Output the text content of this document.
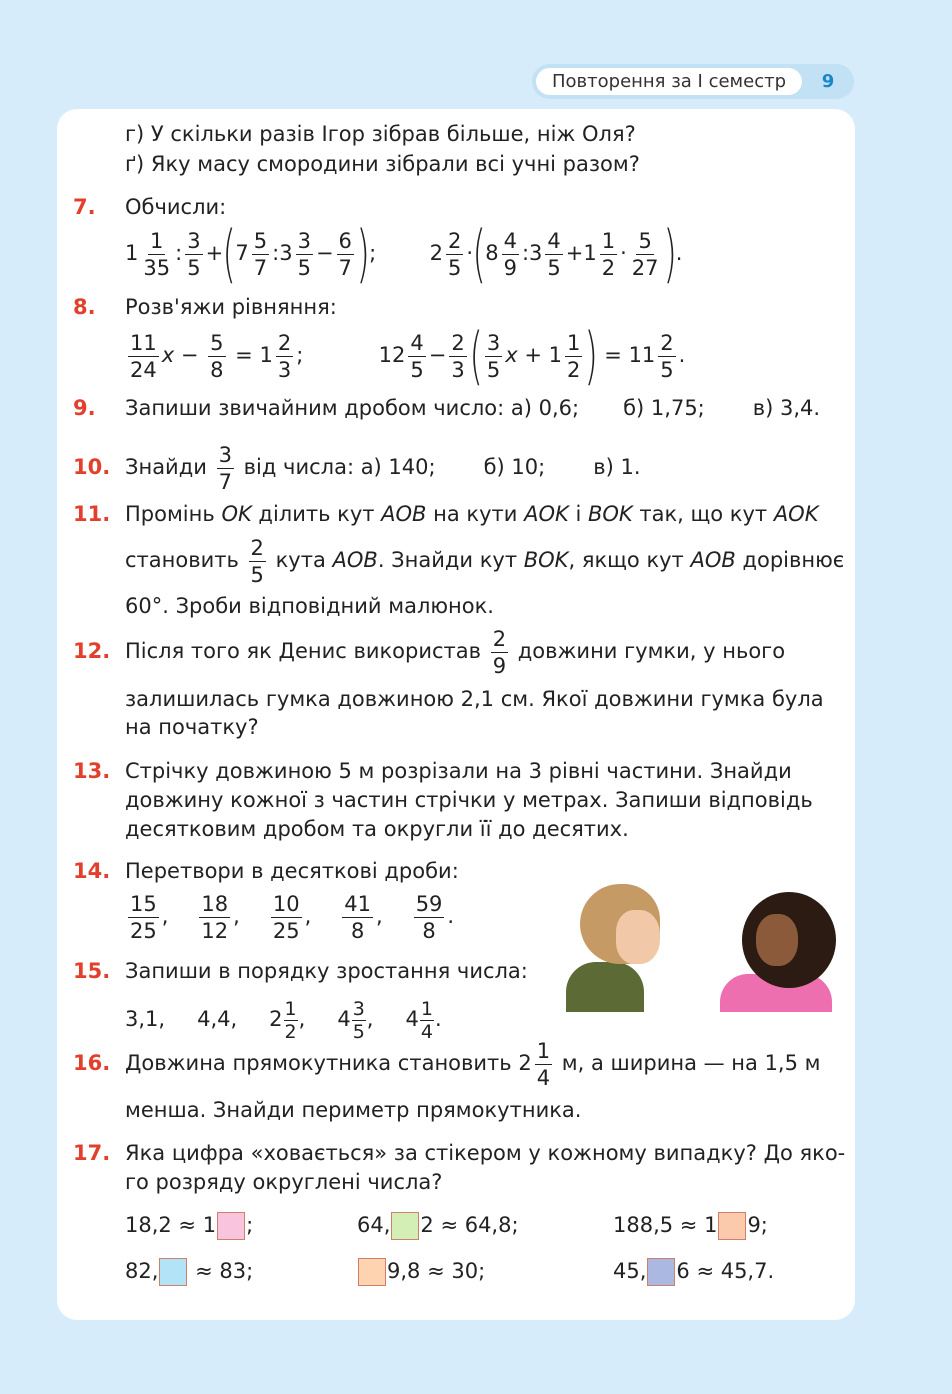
Повторення за І семестр	9
г) У скільки разів Ігор зібрав більше, ніж Оля?
ґ) Яку масу смородини зібрали всі учні разом?
7. Обчисли:
$1 \frac{1}{35}$ : $\frac{3}{5} +(7 \frac{5}{7}$ :3 $\frac{3}{5} - \frac{6}{7}$ );  $2 \frac{2}{5} \cdot(8 \frac{4}{9}$ :3 $\frac{4}{5} +1 \frac{1}{2} \cdot \frac{5}{27}$ ).
8. Розв'яжи рівняння:
$\frac{11}{24}$ $x - \frac{5}{8} = 1 \frac{2}{3}$ ;	$12 \frac{4}{5} - \frac{2}{3}$ ( $\frac{3}{5}$ $x + 1 \frac{1}{2}$ ) = $11 \frac{2}{5}$ .
9. Запиши звичайним дробом число: а) 0,6; б) 1,75; в) 3,4.
10. Знайди $\frac{3}{7}$ від числа: а) 140; б) 10; в) 1.
11. Промінь OK ділить кут AOB на кути AOK і BOK так, що кут AOK
становить $\frac{2}{5}$ кута AOB. Знайди кут BOK, якщо кут AOB дорівнює
60°. Зроби відповідний малюнок.
12. Після того як Денис використав $\frac{2}{9}$ довжини гумки, у нього
залишилась гумка довжиною 2,1 см. Якої довжини гумка була
на початку?
13. Стрічку довжиною 5 м розрізали на 3 рівні частини. Знайди
довжину кожної з частин стрічки у метрах. Запиши відповідь
десятковим дробом та округли її до десятих.
14. Перетвори в десяткові дроби:
$\frac{15}{25}$ , $\frac{18}{12}$ , $\frac{10}{25}$ , $\frac{41}{8}$ , $\frac{59}{8}$ .
15. Запиши в порядку зростання числа:
3,1, 4,4, $2 \frac{1}{2}$ , $4 \frac{3}{5}$ , $4 \frac{1}{4}$ .
16. Довжина прямокутника становить $2 \frac{1}{4} м$, а ширина — на 1,5 м
менша. Знайди периметр прямокутника.
17. Яка цифра «ховається» за стікером у кожному випадку? До яко-
го розряду округлені числа?
18,2 ≈ 1 ;	64, 2 ≈ 64,8;	188,5 ≈ 1 9;
82, ≈ 83;	9,8 ≈ 30;	45, 6 ≈ 45,7.
